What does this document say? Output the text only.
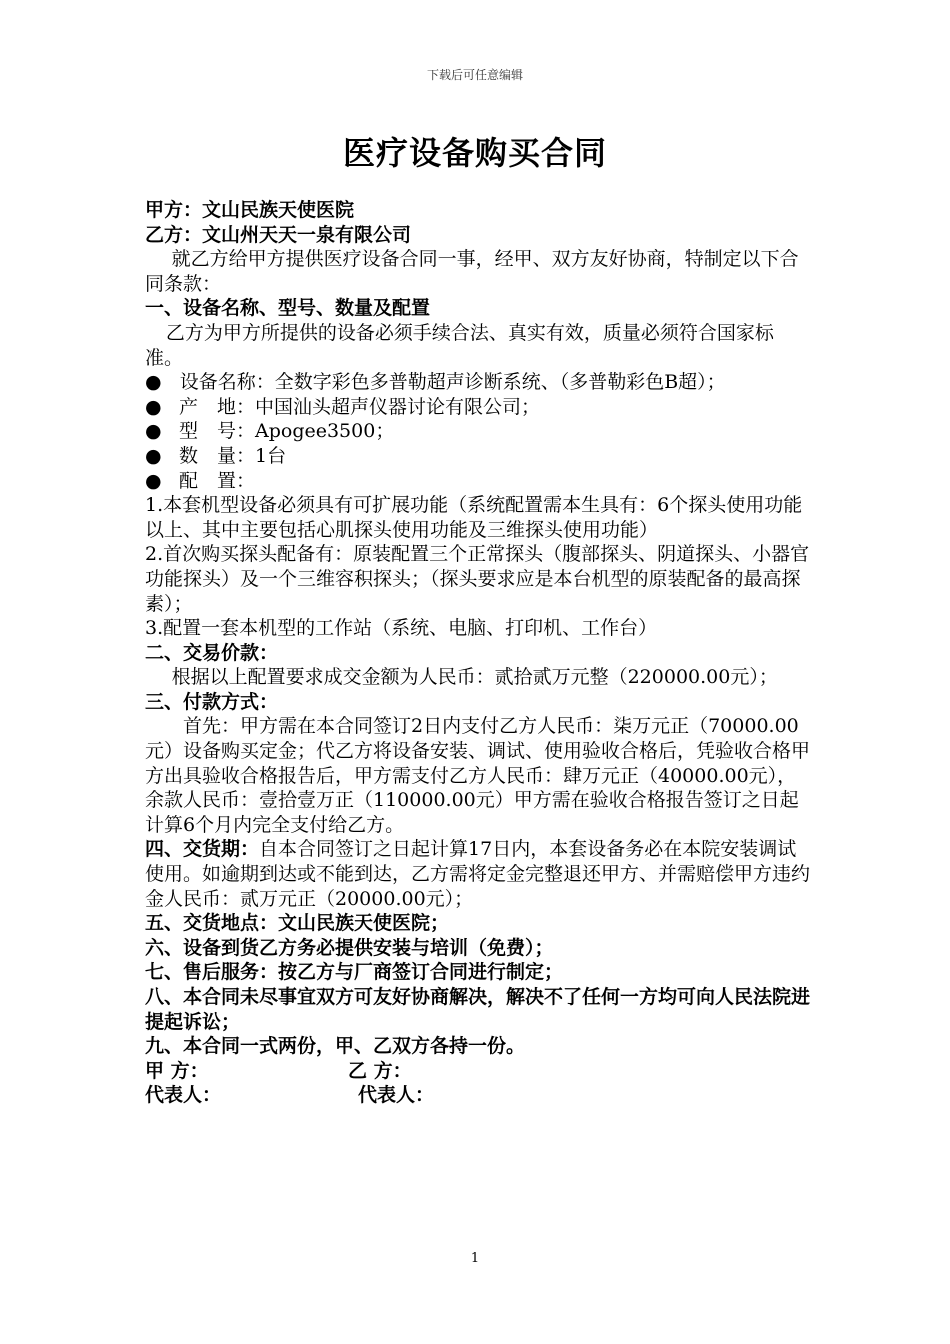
下载后可任意编辑
医疗设备购买合同

甲方：文山民族天使医院

乙方：文山州天天一泉有限公司

就乙方给甲方提供医疗设备合同一事，经甲、双方友好协商，特制定以下合同条款：

一、设备名称、型号、数量及配置

乙方为甲方所提供的设备必须手续合法、真实有效，质量必须符合国家标准。

● 设备名称：全数字彩色多普勒超声诊断系统、（多普勒彩色B超）；

● 产　地：中国汕头超声仪器讨论有限公司；
● 型　号：Apogee3500；
● 数　量：1台
● 配　置：

1.本套机型设备必须具有可扩展功能（系统配置需本生具有：6个探头使用功能以上、其中主要包括心肌探头使用功能及三维探头使用功能）

2.首次购买探头配备有：原装配置三个正常探头（腹部探头、阴道探头、小器官功能探头）及一个三维容积探头；（探头要求应是本台机型的原装配备的最高探素）；

3.配置一套本机型的工作站（系统、电脑、打印机、工作台）

二、交易价款：

根据以上配置要求成交金额为人民币：贰拾贰万元整（220000.00元）；

三、付款方式：

首先：甲方需在本合同签订2日内支付乙方人民币：柒万元正（70000.00元）设备购买定金；代乙方将设备安装、调试、使用验收合格后，凭验收合格甲方出具验收合格报告后，甲方需支付乙方人民币：肆万元正（40000.00元），余款人民币：壹拾壹万正（110000.00元）甲方需在验收合格报告签订之日起计算6个月内完全支付给乙方。

四、交货期：自本合同签订之日起计算17日内，本套设备务必在本院安装调试使用。如逾期到达或不能到达，乙方需将定金完整退还甲方、并需赔偿甲方违约金人民币：贰万元正（20000.00元）；

五、交货地点：文山民族天使医院；

六、设备到货乙方务必提供安装与培训（免费）；

七、售后服务：按乙方与厂商签订合同进行制定；

八、本合同未尽事宜双方可友好协商解决，解决不了任何一方均可向人民法院进提起诉讼；

九、本合同一式两份，甲、乙双方各持一份。

甲 方：	乙 方：
代表人：	代表人：
1
